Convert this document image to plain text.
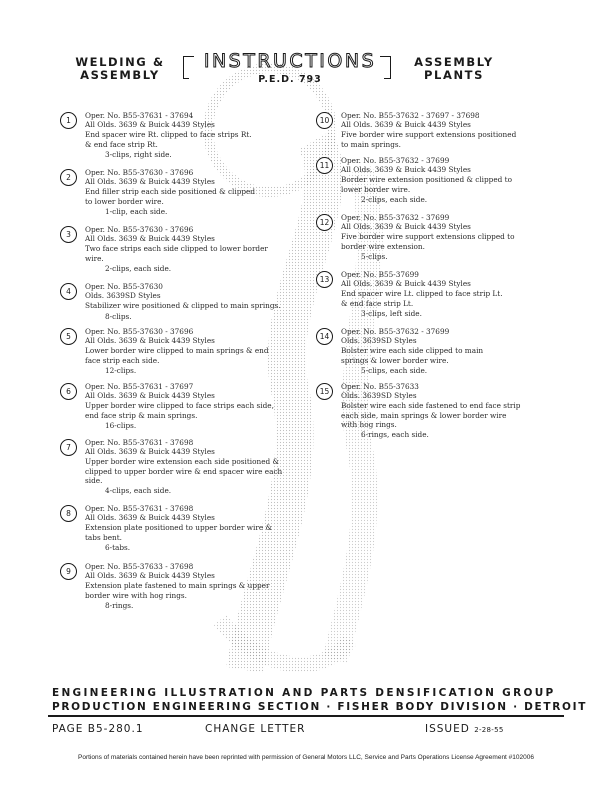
WELDING &
ASSEMBLY
INSTRUCTIONS
P.E.D. 793
ASSEMBLY
PLANTS
1
Oper. No. B55-37631 - 37694
All Olds. 3639 & Buick 4439 Styles
End spacer wire Rt. clipped to face strips Rt.
& end face strip Rt.
3-clips, right side.
2
Oper. No. B55-37630 - 37696
All Olds. 3639 & Buick 4439 Styles
End filler strip each side positioned & clipped
to lower border wire.
1-clip, each side.
3
Oper. No. B55-37630 - 37696
All Olds. 3639 & Buick 4439 Styles
Two face strips each side clipped to lower border
wire.
2-clips, each side.
4
Oper. No. B55-37630
Olds. 3639SD Styles
Stabilizer wire positioned & clipped to main springs.
8-clips.
5
Oper. No. B55-37630 - 37696
All Olds. 3639 & Buick 4439 Styles
Lower border wire clipped to main springs & end
face strip each side.
12-clips.
6
Oper. No. B55-37631 - 37697
All Olds. 3639 & Buick 4439 Styles
Upper border wire clipped to face strips each side,
end face strip & main springs.
16-clips.
7
Oper. No. B55-37631 - 37698
All Olds. 3639 & Buick 4439 Styles
Upper border wire extension each side positioned &
clipped to upper border wire & end spacer wire each
side.
4-clips, each side.
8
Oper. No. B55-37631 - 37698
All Olds. 3639 & Buick 4439 Styles
Extension plate positioned to upper border wire &
tabs bent.
6-tabs.
9
Oper. No. B55-37633 - 37698
All Olds. 3639 & Buick 4439 Styles
Extension plate fastened to main springs & upper
border wire with hog rings.
8-rings.
10
Oper. No. B55-37632 - 37697 - 37698
All Olds. 3639 & Buick 4439 Styles
Five border wire support extensions positioned
to main springs.
11
Oper. No. B55-37632 - 37699
All Olds. 3639 & Buick 4439 Styles
Border wire extension positioned & clipped to
lower border wire.
2-clips, each side.
12
Oper. No. B55-37632 - 37699
All Olds. 3639 & Buick 4439 Styles
Five border wire support extensions clipped to
border wire extension.
5-clips.
13
Oper. No. B55-37699
All Olds. 3639 & Buick 4439 Styles
End spacer wire Lt. clipped to face strip Lt.
& end face strip Lt.
3-clips, left side.
14
Oper. No. B55-37632 - 37699
Olds. 3639SD Styles
Bolster wire each side clipped to main
springs & lower border wire.
5-clips, each side.
15
Oper. No. B55-37633
Olds. 3639SD Styles
Bolster wire each side fastened to end face strip
each side, main springs & lower border wire
with hog rings.
6-rings, each side.
ENGINEERING ILLUSTRATION AND PARTS DENSIFICATION GROUP
PRODUCTION ENGINEERING SECTION · FISHER BODY DIVISION · DETROIT
PAGE B5-280.1	CHANGE LETTER	ISSUED 2-28-55
Portions of materials contained herein have been reprinted with permission of General Motors LLC, Service and Parts Operations License Agreement #102006
